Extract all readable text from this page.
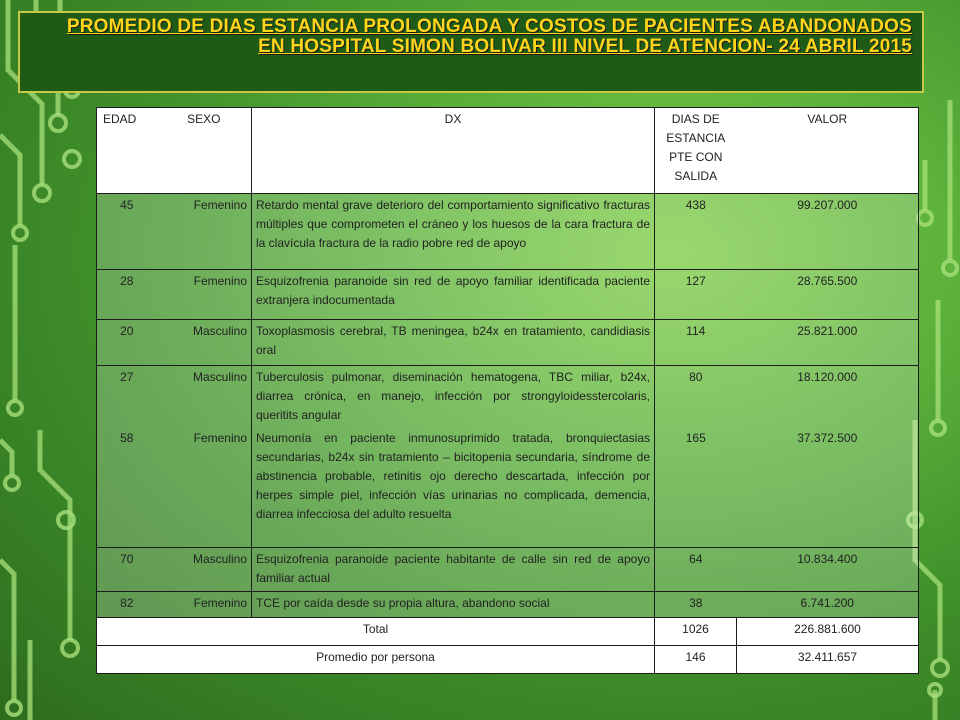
PROMEDIO DE DIAS ESTANCIA PROLONGADA Y COSTOS DE PACIENTES ABANDONADOS EN HOSPITAL SIMON BOLIVAR III NIVEL DE ATENCION- 24 ABRIL 2015
EDAD	SEXO	DX	DIAS DE ESTANCIA PTE CON SALIDA	VALOR
45	Femenino	Retardo mental grave deterioro del comportamiento significativo fracturas múltiples que comprometen el cráneo y los huesos de la cara fractura de la clavícula fractura de la radio pobre red de apoyo	438	99.207.000
28	Femenino	Esquizofrenia paranoide sin red de apoyo familiar identificada paciente extranjera indocumentada	127	28.765.500
20	Masculino	Toxoplasmosis cerebral, TB meningea, b24x en tratamiento, candidiasis oral	114	25.821.000
27	Masculino	Tuberculosis pulmonar, diseminación hematogena, TBC miliar, b24x, diarrea crónica, en manejo, infección por strongyloidesstercolaris, queritits angular	80	18.120.000
58	Femenino	Neumonía en paciente inmunosuprimido tratada, bronquiectasias secundarias, b24x sin tratamiento – bicitopenia secundaria, síndrome de abstinencia probable, retinitis ojo derecho descartada, infección por herpes simple piel, infección vías urinarias no complicada, demencia, diarrea infecciosa del adulto resuelta	165	37.372.500
70	Masculino	Esquizofrenia paranoide paciente habitante de calle sin red de apoyo familiar actual	64	10.834.400
82	Femenino	TCE por caída desde su propia altura, abandono social	38	6.741.200
Total			1026	226.881.600
Promedio por persona			146	32.411.657
